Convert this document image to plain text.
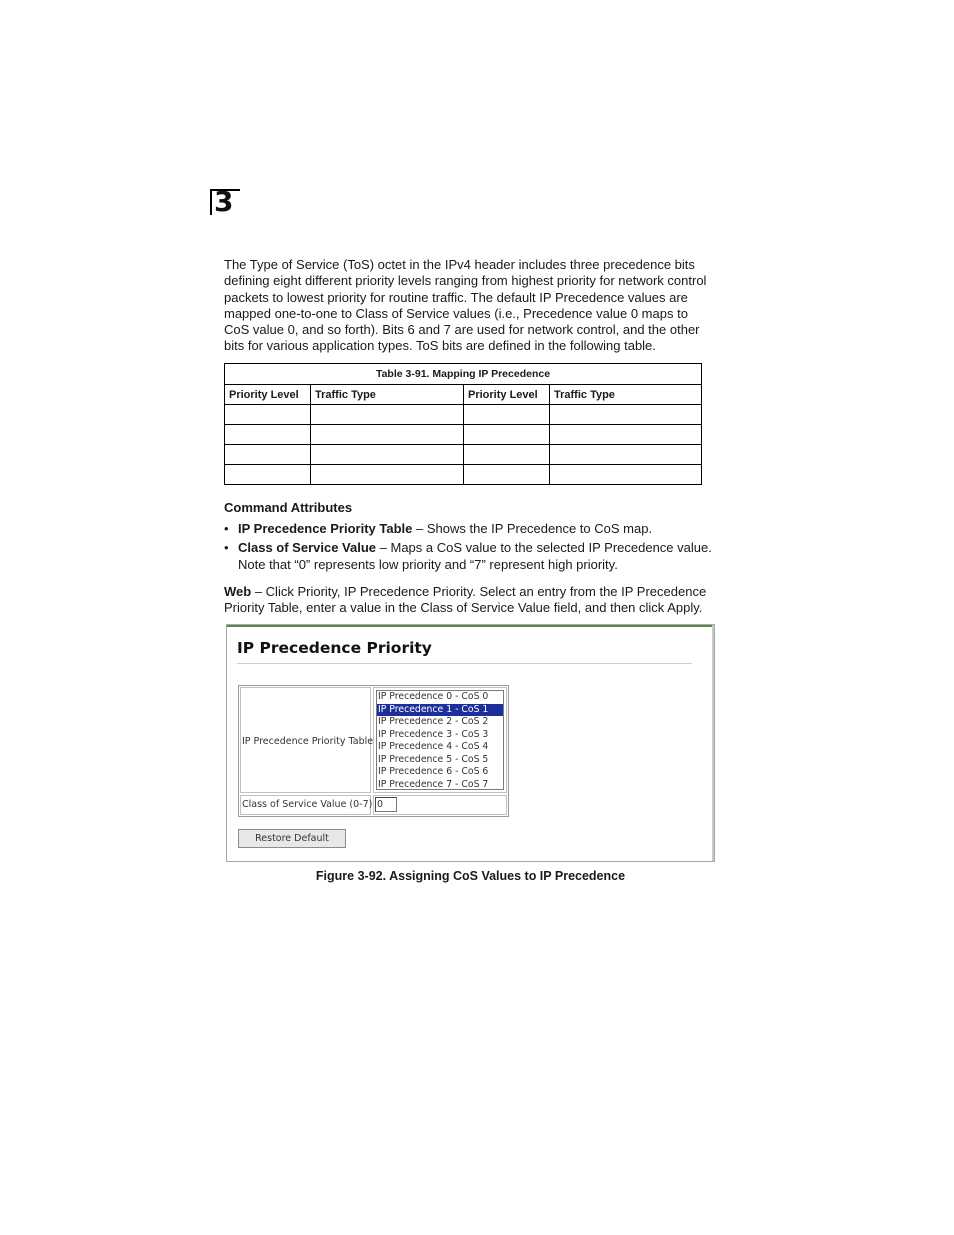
3

The Type of Service (ToS) octet in the IPv4 header includes three precedence bits defining eight different priority levels ranging from highest priority for network control packets to lowest priority for routine traffic. The default IP Precedence values are mapped one-to-one to Class of Service values (i.e., Precedence value 0 maps to CoS value 0, and so forth). Bits 6 and 7 are used for network control, and the other bits for various application types. ToS bits are defined in the following table.

Table 3-91. Mapping IP Precedence			
Priority Level	Traffic Type	Priority Level	Traffic Type

Command Attributes

• IP Precedence Priority Table – Shows the IP Precedence to CoS map.
• Class of Service Value – Maps a CoS value to the selected IP Precedence value. Note that “0” represents low priority and “7” represent high priority.

Web – Click Priority, IP Precedence Priority. Select an entry from the IP Precedence Priority Table, enter a value in the Class of Service Value field, and then click Apply.

IP Precedence Priority
IP Precedence Priority Table
IP Precedence 0 - CoS 0
IP Precedence 1 - CoS 1
IP Precedence 2 - CoS 2
IP Precedence 3 - CoS 3
IP Precedence 4 - CoS 4
IP Precedence 5 - CoS 5
IP Precedence 6 - CoS 6
IP Precedence 7 - CoS 7
Class of Service Value (0-7)
0
Restore Default

Figure 3-92. Assigning CoS Values to IP Precedence
